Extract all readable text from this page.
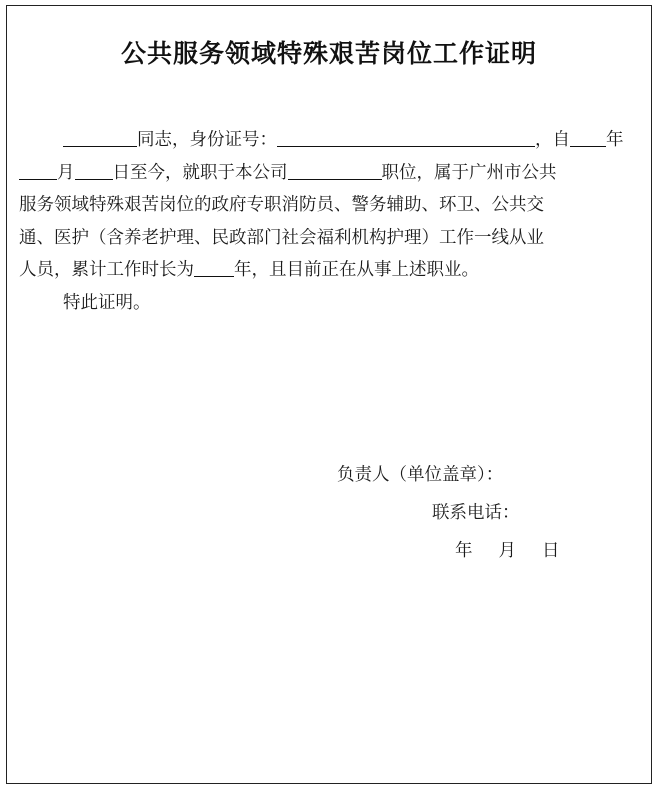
公共服务领域特殊艰苦岗位工作证明
同志，身份证号：	，自 年
月 日至今，就职于本公司	职位，属于广州市公共
服务领域特殊艰苦岗位的政府专职消防员、警务辅助、环卫、公共交
通、医护（含养老护理、民政部门社会福利机构护理）工作一线从业
人员，累计工作时长为 年，且目前正在从事上述职业。
特此证明。
负责人（单位盖章）：
联系电话：
年 月 日
